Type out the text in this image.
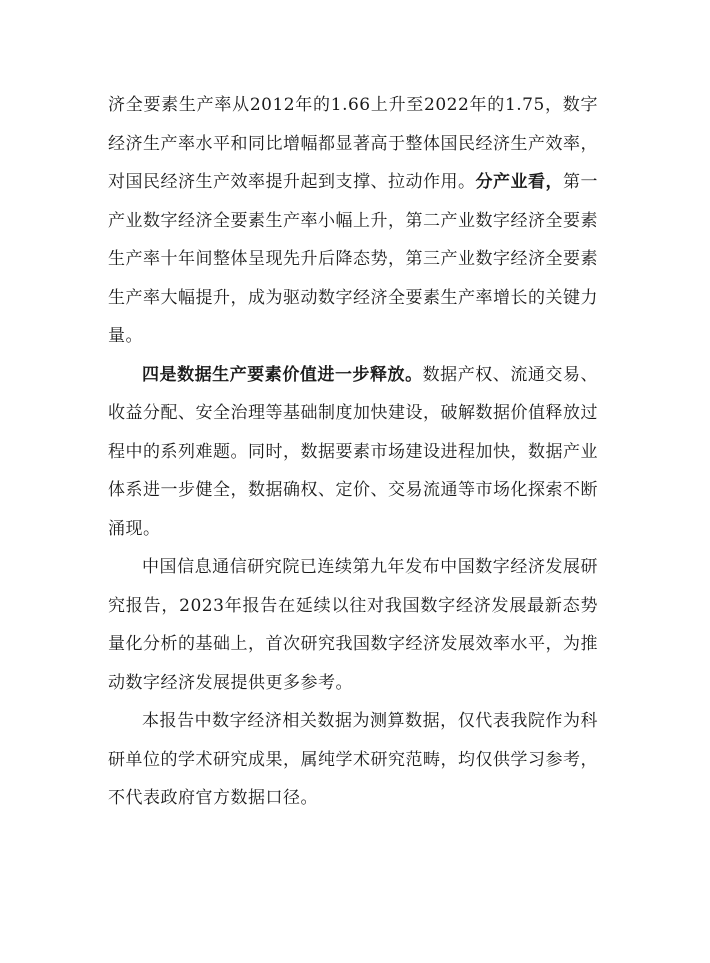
济全要素生产率从2012年的1.66上升至2022年的1.75，数字经济生产率水平和同比增幅都显著高于整体国民经济生产效率，对国民经济生产效率提升起到支撑、拉动作用。分产业看，第一产业数字经济全要素生产率小幅上升，第二产业数字经济全要素生产率十年间整体呈现先升后降态势，第三产业数字经济全要素生产率大幅提升，成为驱动数字经济全要素生产率增长的关键力量。

四是数据生产要素价值进一步释放。数据产权、流通交易、收益分配、安全治理等基础制度加快建设，破解数据价值释放过程中的系列难题。同时，数据要素市场建设进程加快，数据产业体系进一步健全，数据确权、定价、交易流通等市场化探索不断涌现。

中国信息通信研究院已连续第九年发布中国数字经济发展研究报告，2023年报告在延续以往对我国数字经济发展最新态势量化分析的基础上，首次研究我国数字经济发展效率水平，为推动数字经济发展提供更多参考。

本报告中数字经济相关数据为测算数据，仅代表我院作为科研单位的学术研究成果，属纯学术研究范畴，均仅供学习参考，不代表政府官方数据口径。
